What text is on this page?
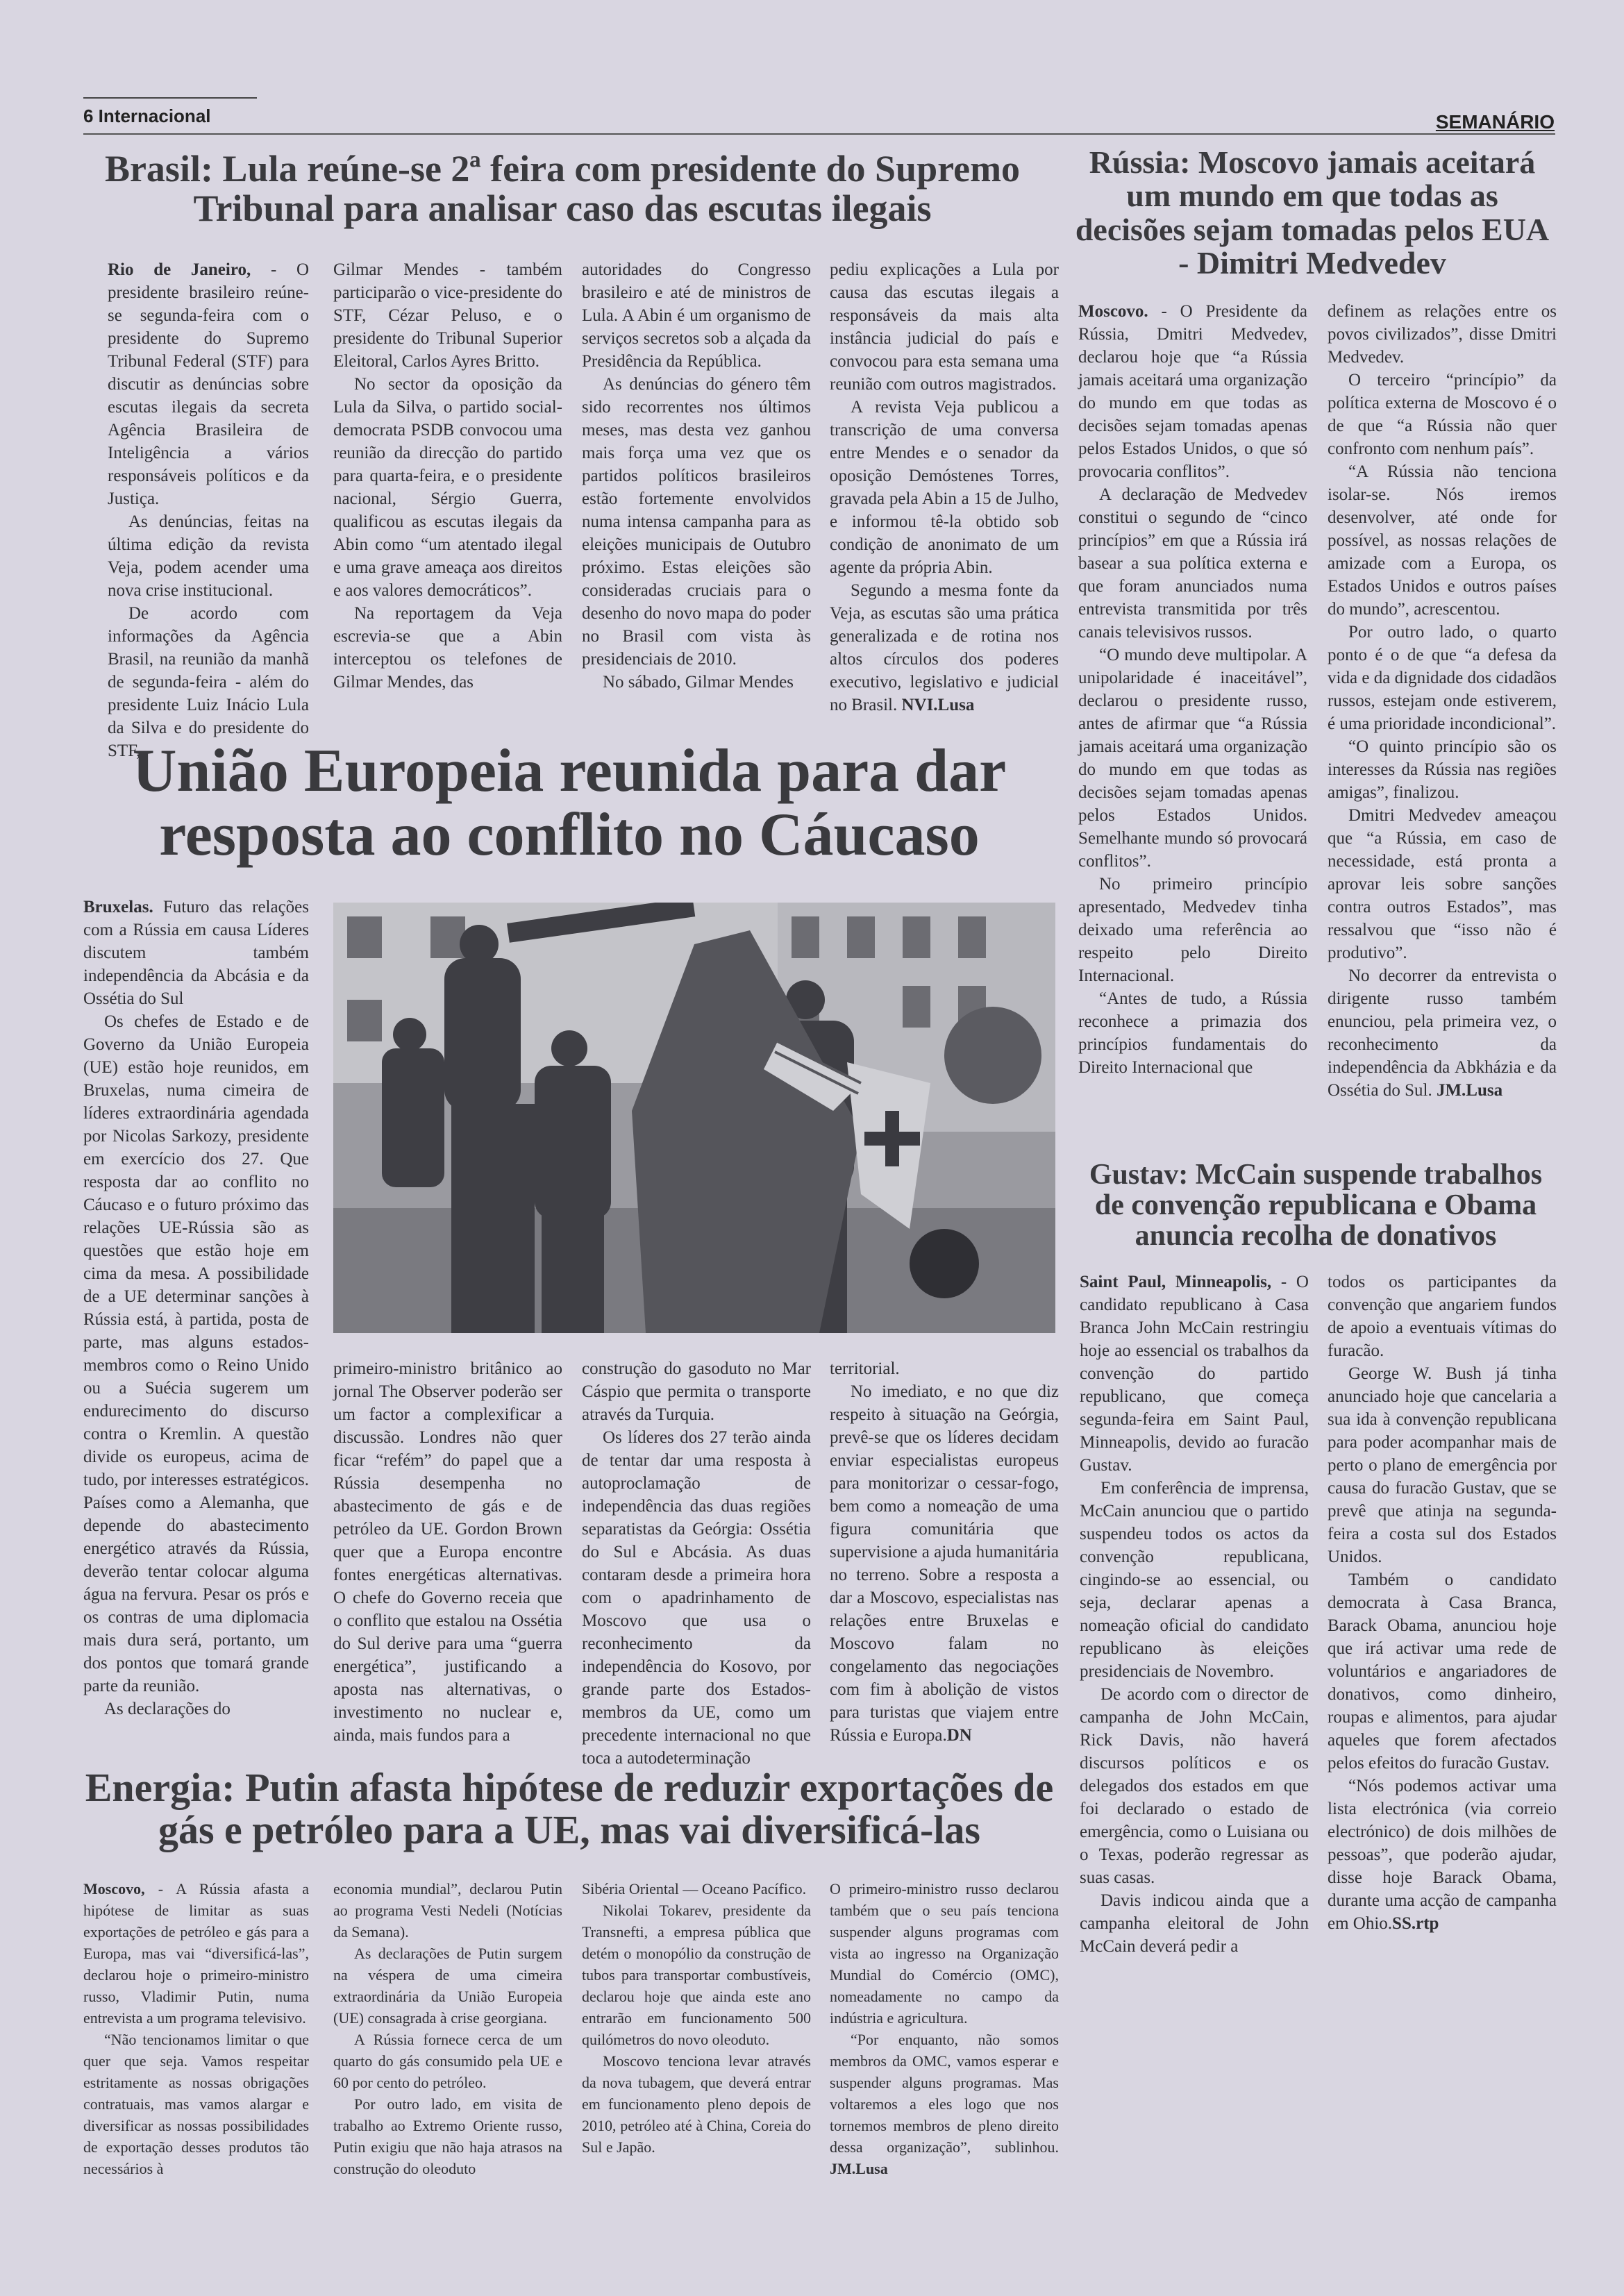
6 Internacional	SEMANÁRIO
Brasil: Lula reúne-se 2ª feira com presidente do Supremo Tribunal para analisar caso das escutas ilegais

Rio de Janeiro, - O presidente brasileiro reúne-se segunda-feira com o presidente do Supremo Tribunal Federal (STF) para discutir as denúncias sobre escutas ilegais da secreta Agência Brasileira de Inteligência a vários responsáveis políticos e da Justiça.

As denúncias, feitas na última edição da revista Veja, podem acender uma nova crise institucional.

De acordo com informações da Agência Brasil, na reunião da manhã de segunda-feira - além do presidente Luiz Inácio Lula da Silva e do presidente do STF,

Gilmar Mendes - também participarão o vice-presidente do STF, Cézar Peluso, e o presidente do Tribunal Superior Eleitoral, Carlos Ayres Britto.

No sector da oposição da Lula da Silva, o partido social-democrata PSDB convocou uma reunião da direcção do partido para quarta-feira, e o presidente nacional, Sérgio Guerra, qualificou as escutas ilegais da Abin como “um atentado ilegal e uma grave ameaça aos direitos e aos valores democráticos”.

Na reportagem da Veja escrevia-se que a Abin interceptou os telefones de Gilmar Mendes, das

autoridades do Congresso brasileiro e até de ministros de Lula. A Abin é um organismo de serviços secretos sob a alçada da Presidência da República.

As denúncias do género têm sido recorrentes nos últimos meses, mas desta vez ganhou mais força uma vez que os partidos políticos brasileiros estão fortemente envolvidos numa intensa campanha para as eleições municipais de Outubro próximo. Estas eleições são consideradas cruciais para o desenho do novo mapa do poder no Brasil com vista às presidenciais de 2010.

No sábado, Gilmar Mendes

pediu explicações a Lula por causa das escutas ilegais a responsáveis da mais alta instância judicial do país e convocou para esta semana uma reunião com outros magistrados.

A revista Veja publicou a transcrição de uma conversa entre Mendes e o senador da oposição Demóstenes Torres, gravada pela Abin a 15 de Julho, e informou tê-la obtido sob condição de anonimato de um agente da própria Abin.

Segundo a mesma fonte da Veja, as escutas são uma prática generalizada e de rotina nos altos círculos dos poderes executivo, legislativo e judicial no Brasil. NVI.Lusa

Rússia: Moscovo jamais aceitará um mundo em que todas as decisões sejam tomadas pelos EUA - Dimitri Medvedev

Moscovo. - O Presidente da Rússia, Dmitri Medvedev, declarou hoje que “a Rússia jamais aceitará uma organização do mundo em que todas as decisões sejam tomadas apenas pelos Estados Unidos, o que só provocaria conflitos”.

A declaração de Medvedev constitui o segundo de “cinco princípios” em que a Rússia irá basear a sua política externa e que foram anunciados numa entrevista transmitida por três canais televisivos russos.

“O mundo deve multipolar. A unipolaridade é inaceitável”, declarou o presidente russo, antes de afirmar que “a Rússia jamais aceitará uma organização do mundo em que todas as decisões sejam tomadas apenas pelos Estados Unidos. Semelhante mundo só provocará conflitos”.

No primeiro princípio apresentado, Medvedev tinha deixado uma referência ao respeito pelo Direito Internacional.

“Antes de tudo, a Rússia reconhece a primazia dos princípios fundamentais do Direito Internacional que

definem as relações entre os povos civilizados”, disse Dmitri Medvedev.

O terceiro “princípio” da política externa de Moscovo é o de que “a Rússia não quer confronto com nenhum país”.

“A Rússia não tenciona isolar-se. Nós iremos desenvolver, até onde for possível, as nossas relações de amizade com a Europa, os Estados Unidos e outros países do mundo”, acrescentou.

Por outro lado, o quarto ponto é o de que “a defesa da vida e da dignidade dos cidadãos russos, estejam onde estiverem, é uma prioridade incondicional”.

“O quinto princípio são os interesses da Rússia nas regiões amigas”, finalizou.

Dmitri Medvedev ameaçou que “a Rússia, em caso de necessidade, está pronta a aprovar leis sobre sanções contra outros Estados”, mas ressalvou que “isso não é produtivo”.

No decorrer da entrevista o dirigente russo também enunciou, pela primeira vez, o reconhecimento da independência da Abkházia e da Ossétia do Sul. JM.Lusa

União Europeia reunida para dar resposta ao conflito no Cáucaso

Bruxelas. Futuro das relações com a Rússia em causa Líderes discutem também independência da Abcásia e da Ossétia do Sul

Os chefes de Estado e de Governo da União Europeia (UE) estão hoje reunidos, em Bruxelas, numa cimeira de líderes extraordinária agendada por Nicolas Sarkozy, presidente em exercício dos 27. Que resposta dar ao conflito no Cáucaso e o futuro próximo das relações UE-Rússia são as questões que estão hoje em cima da mesa. A possibilidade de a UE determinar sanções à Rússia está, à partida, posta de parte, mas alguns estados-membros como o Reino Unido ou a Suécia sugerem um endurecimento do discurso contra o Kremlin. A questão divide os europeus, acima de tudo, por interesses estratégicos. Países como a Alemanha, que depende do abastecimento energético através da Rússia, deverão tentar colocar alguma água na fervura. Pesar os prós e os contras de uma diplomacia mais dura será, portanto, um dos pontos que tomará grande parte da reunião.

As declarações do

primeiro-ministro britânico ao jornal The Observer poderão ser um factor a complexificar a discussão. Londres não quer ficar “refém” do papel que a Rússia desempenha no abastecimento de gás e de petróleo da UE. Gordon Brown quer que a Europa encontre fontes energéticas alternativas. O chefe do Governo receia que o conflito que estalou na Ossétia do Sul derive para uma “guerra energética”, justificando a aposta nas alternativas, o investimento no nuclear e, ainda, mais fundos para a

construção do gasoduto no Mar Cáspio que permita o transporte através da Turquia.

Os líderes dos 27 terão ainda de tentar dar uma resposta à autoproclamação de independência das duas regiões separatistas da Geórgia: Ossétia do Sul e Abcásia. As duas contaram desde a primeira hora com o apadrinhamento de Moscovo que usa o reconhecimento da independência do Kosovo, por grande parte dos Estados-membros da UE, como um precedente internacional no que toca a autodeterminação

territorial.

No imediato, e no que diz respeito à situação na Geórgia, prevê-se que os líderes decidam enviar especialistas europeus para monitorizar o cessar-fogo, bem como a nomeação de uma figura comunitária que supervisione a ajuda humanitária no terreno. Sobre a resposta a dar a Moscovo, especialistas nas relações entre Bruxelas e Moscovo falam no congelamento das negociações com fim à abolição de vistos para turistas que viajem entre Rússia e Europa.DN

Gustav: McCain suspende trabalhos de convenção republicana e Obama anuncia recolha de donativos

Saint Paul, Minneapolis, - O candidato republicano à Casa Branca John McCain restringiu hoje ao essencial os trabalhos da convenção do partido republicano, que começa segunda-feira em Saint Paul, Minneapolis, devido ao furacão Gustav.

Em conferência de imprensa, McCain anunciou que o partido suspendeu todos os actos da convenção republicana, cingindo-se ao essencial, ou seja, declarar apenas a nomeação oficial do candidato republicano às eleições presidenciais de Novembro.

De acordo com o director de campanha de John McCain, Rick Davis, não haverá discursos políticos e os delegados dos estados em que foi declarado o estado de emergência, como o Luisiana ou o Texas, poderão regressar as suas casas.

Davis indicou ainda que a campanha eleitoral de John McCain deverá pedir a

todos os participantes da convenção que angariem fundos de apoio a eventuais vítimas do furacão.

George W. Bush já tinha anunciado hoje que cancelaria a sua ida à convenção republicana para poder acompanhar mais de perto o plano de emergência por causa do furacão Gustav, que se prevê que atinja na segunda-feira a costa sul dos Estados Unidos.

Também o candidato democrata à Casa Branca, Barack Obama, anunciou hoje que irá activar uma rede de voluntários e angariadores de donativos, como dinheiro, roupas e alimentos, para ajudar aqueles que forem afectados pelos efeitos do furacão Gustav.

“Nós podemos activar uma lista electrónica (via correio electrónico) de dois milhões de pessoas”, que poderão ajudar, disse hoje Barack Obama, durante uma acção de campanha em Ohio.SS.rtp

Energia: Putin afasta hipótese de reduzir exportações de gás e petróleo para a UE, mas vai diversificá-las

Moscovo, - A Rússia afasta a hipótese de limitar as suas exportações de petróleo e gás para a Europa, mas vai “diversificá-las”, declarou hoje o primeiro-ministro russo, Vladimir Putin, numa entrevista a um programa televisivo.

“Não tencionamos limitar o que quer que seja. Vamos respeitar estritamente as nossas obrigações contratuais, mas vamos alargar e diversificar as nossas possibilidades de exportação desses produtos tão necessários à

economia mundial”, declarou Putin ao programa Vesti Nedeli (Notícias da Semana).

As declarações de Putin surgem na véspera de uma cimeira extraordinária da União Europeia (UE) consagrada à crise georgiana.

A Rússia fornece cerca de um quarto do gás consumido pela UE e 60 por cento do petróleo.

Por outro lado, em visita de trabalho ao Extremo Oriente russo, Putin exigiu que não haja atrasos na construção do oleoduto

Sibéria Oriental — Oceano Pacífico.

Nikolai Tokarev, presidente da Transnefti, a empresa pública que detém o monopólio da construção de tubos para transportar combustíveis, declarou hoje que ainda este ano entrarão em funcionamento 500 quilómetros do novo oleoduto.

Moscovo tenciona levar através da nova tubagem, que deverá entrar em funcionamento pleno depois de 2010, petróleo até à China, Coreia do Sul e Japão.

O primeiro-ministro russo declarou também que o seu país tenciona suspender alguns programas com vista ao ingresso na Organização Mundial do Comércio (OMC), nomeadamente no campo da indústria e agricultura.

“Por enquanto, não somos membros da OMC, vamos esperar e suspender alguns programas. Mas voltaremos a eles logo que nos tornemos membros de pleno direito dessa organização”, sublinhou. JM.Lusa
